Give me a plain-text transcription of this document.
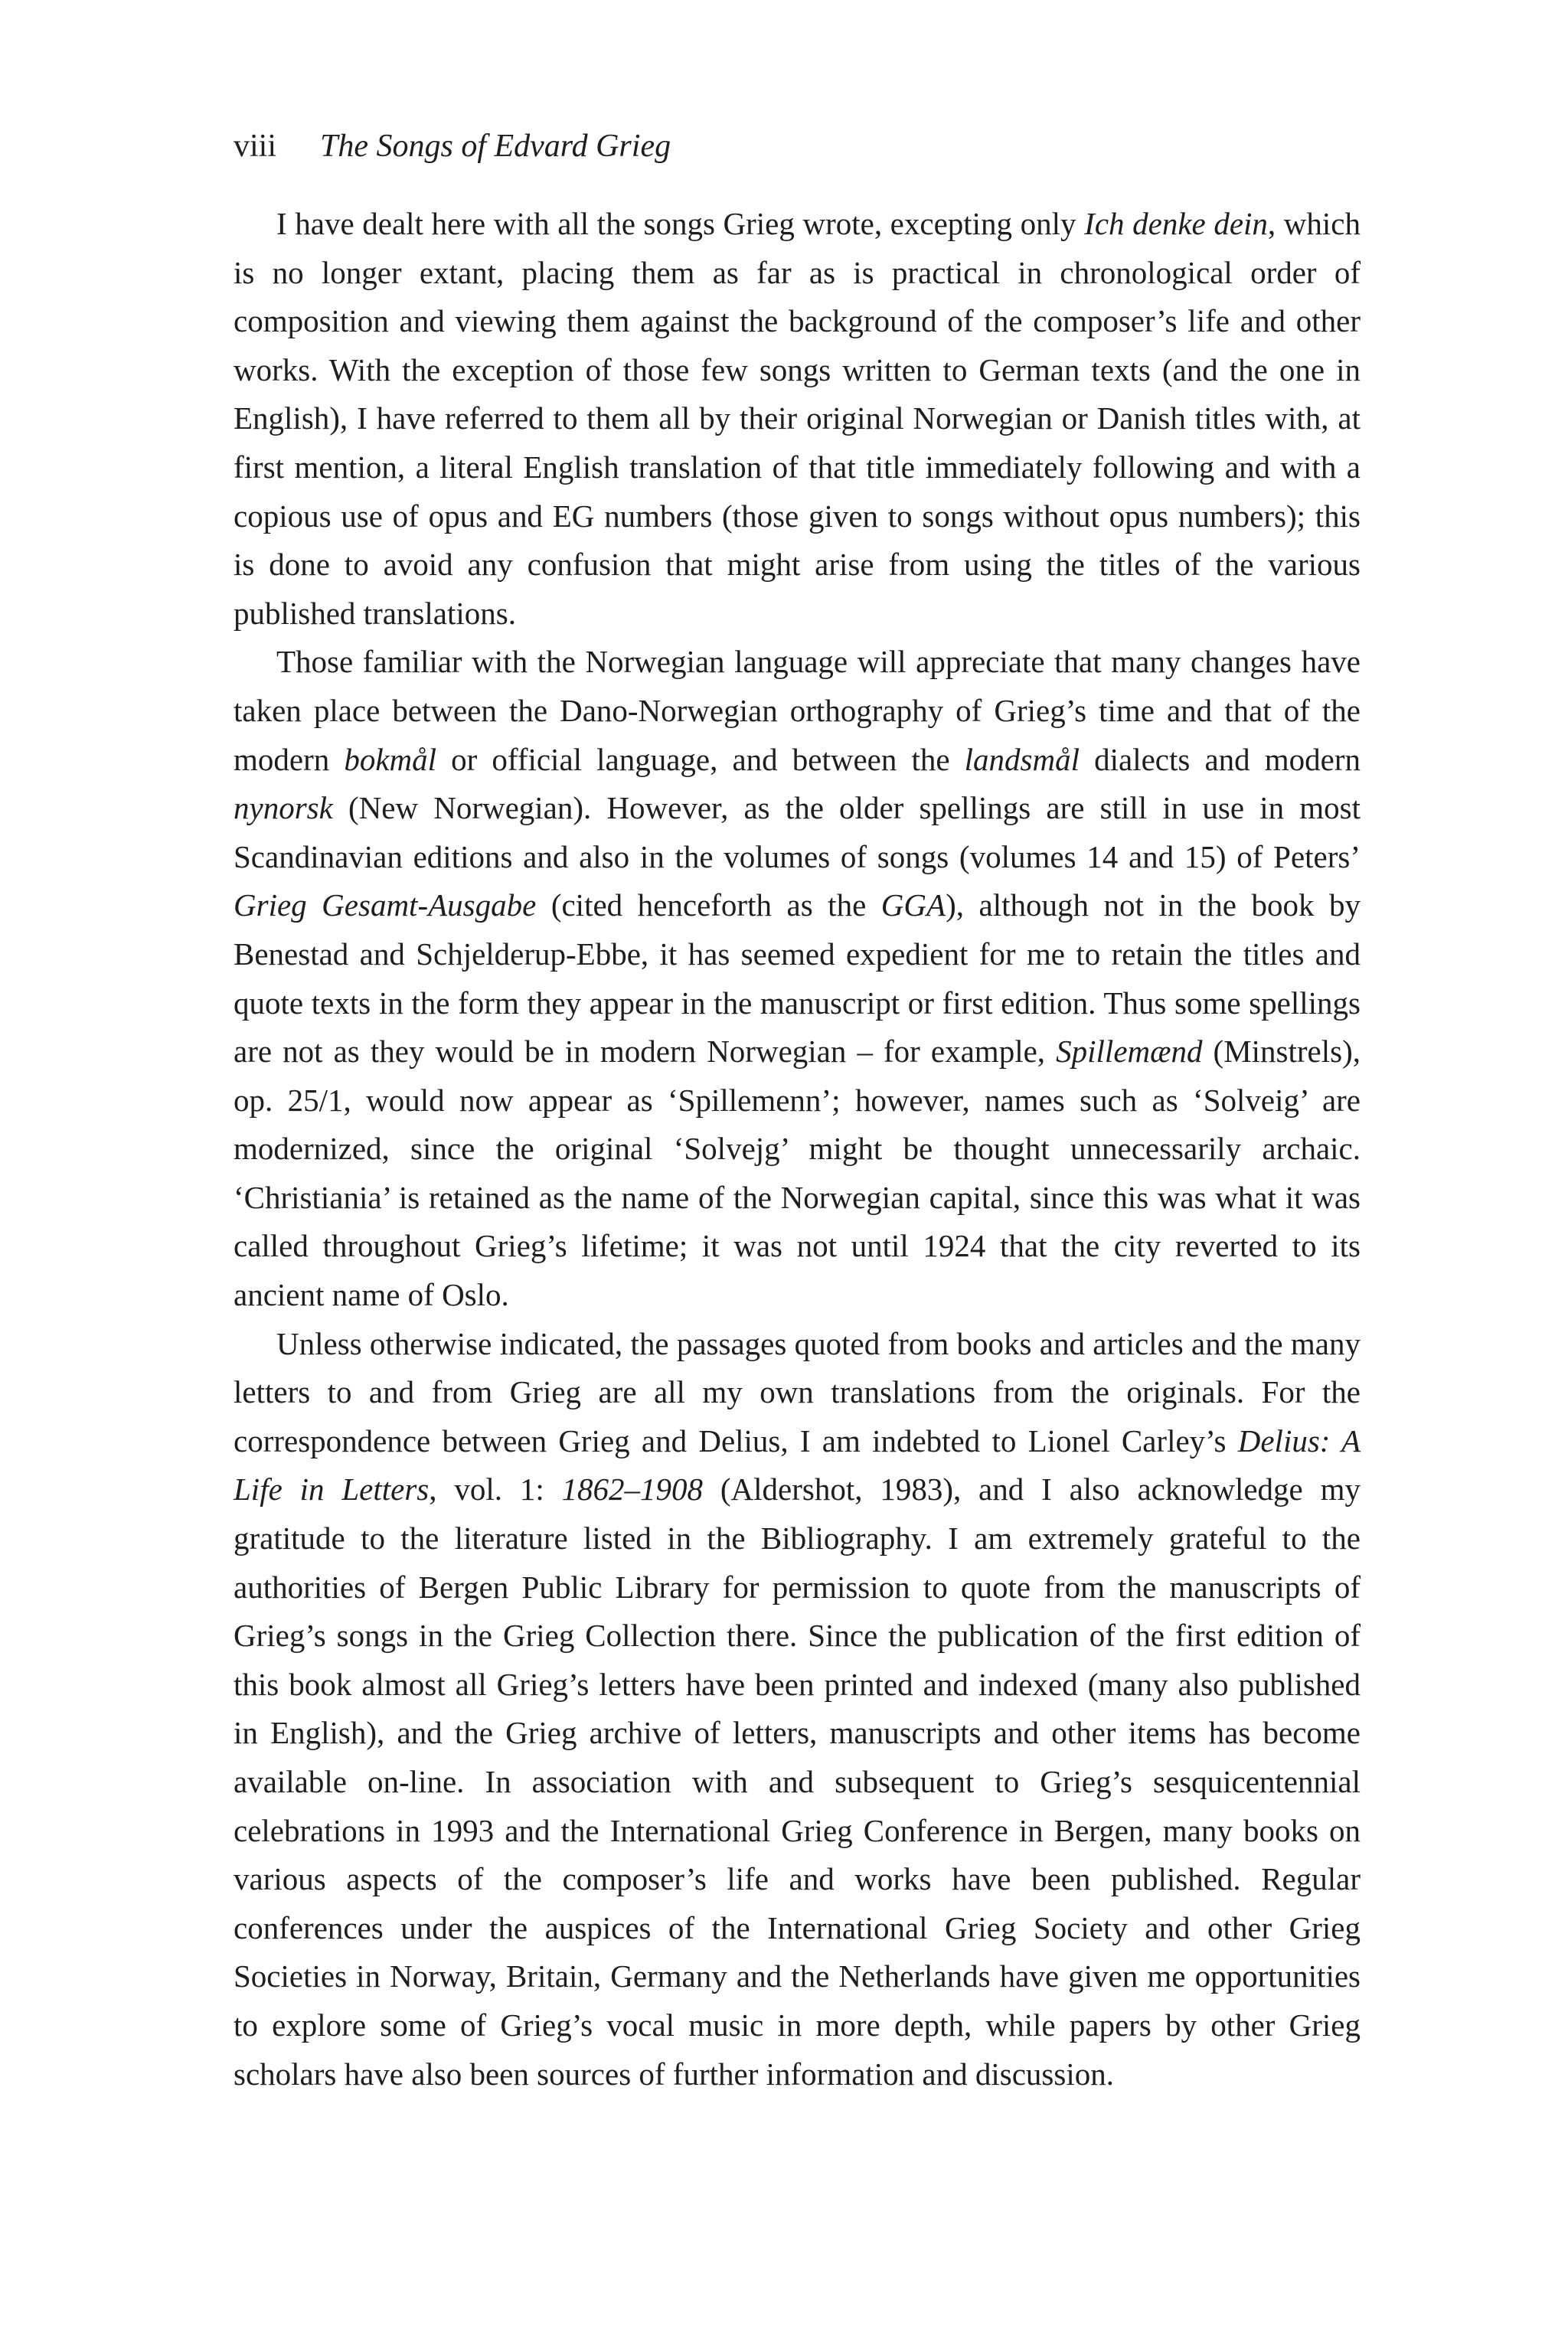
viii The Songs of Edvard Grieg

I have dealt here with all the songs Grieg wrote, excepting only Ich denke dein, which is no longer extant, placing them as far as is practical in chronological order of composition and viewing them against the background of the composer’s life and other works. With the exception of those few songs written to German texts (and the one in English), I have referred to them all by their original Norwegian or Danish titles with, at first mention, a literal English translation of that title immediately following and with a copious use of opus and EG numbers (those given to songs without opus numbers); this is done to avoid any confusion that might arise from using the titles of the various published translations.

Those familiar with the Norwegian language will appreciate that many changes have taken place between the Dano-Norwegian orthography of Grieg’s time and that of the modern bokmål or official language, and between the landsmål dialects and modern nynorsk (New Norwegian). However, as the older spellings are still in use in most Scandinavian editions and also in the volumes of songs (volumes 14 and 15) of Peters’ Grieg Gesamt-Ausgabe (cited henceforth as the GGA), although not in the book by Benestad and Schjelderup-Ebbe, it has seemed expedient for me to retain the titles and quote texts in the form they appear in the manuscript or first edition. Thus some spellings are not as they would be in modern Norwegian – for example, Spillemænd (Minstrels), op. 25/1, would now appear as ‘Spillemenn’; however, names such as ‘Solveig’ are modernized, since the original ‘Solvejg’ might be thought unnecessarily archaic. ‘Christiania’ is retained as the name of the Norwegian capital, since this was what it was called throughout Grieg’s lifetime; it was not until 1924 that the city reverted to its ancient name of Oslo.

Unless otherwise indicated, the passages quoted from books and articles and the many letters to and from Grieg are all my own translations from the originals. For the correspondence between Grieg and Delius, I am indebted to Lionel Carley’s Delius: A Life in Letters, vol. 1: 1862–1908 (Aldershot, 1983), and I also acknowledge my gratitude to the literature listed in the Bibliography. I am extremely grateful to the authorities of Bergen Public Library for permission to quote from the manuscripts of Grieg’s songs in the Grieg Collection there. Since the publication of the first edition of this book almost all Grieg’s letters have been printed and indexed (many also published in English), and the Grieg archive of letters, manuscripts and other items has become available on-line. In association with and subsequent to Grieg’s sesquicentennial celebrations in 1993 and the International Grieg Conference in Bergen, many books on various aspects of the composer’s life and works have been published. Regular conferences under the auspices of the International Grieg Society and other Grieg Societies in Norway, Britain, Germany and the Netherlands have given me opportunities to explore some of Grieg’s vocal music in more depth, while papers by other Grieg scholars have also been sources of further information and discussion.
